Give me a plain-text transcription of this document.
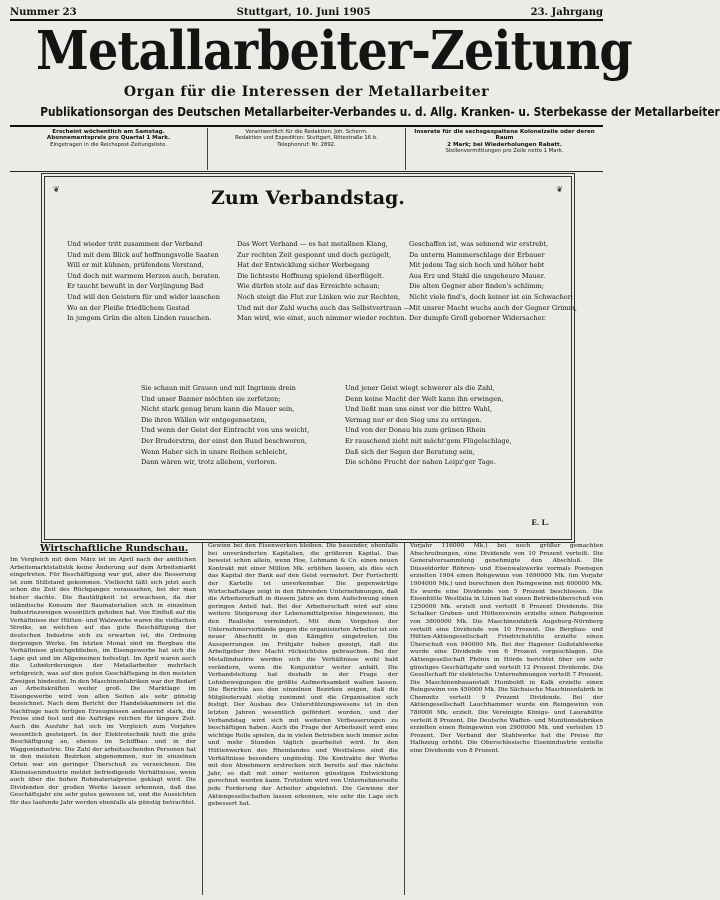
Nummer 23	Stuttgart, 10. Juni 1905	23. Jahrgang
Metallarbeiter-Zeitung
Organ für die Interessen der Metallarbeiter
Publikationsorgan des Deutschen Metallarbeiter-Verbandes u. d. Allg. Kranken- u. Sterbekasse der Metallarbeiter
Erscheint wöchentlich am Samstag.
Abonnementspreis pro Quartal 1 Mark.
Eingetragen in die Reichspost-Zeitungsliste.
Verantwortlich für die Redaktion: Joh. Scherm.
Redaktion und Expedition: Stuttgart, Rötestraße 16 b.
Telephonruf: Nr. 2892.
Inserate für die sechsgespaltene Kolonelzeile oder deren Raum
2 Mark; bei Wiederholungen Rabatt.
Stellenvermittlungen pro Zeile netto 1 Mark.
❦	❦
Zum Verbandstag.
Und wieder tritt zusammen der Verband
Und mit dem Blick auf hoffnungsvolle Saaten
Will er mit kühnen, prüfendem Verstand,
Und doch mit warmem Herzen auch, beraten.
Er taucht bewußt in der Verjüngung Bad
Und will den Geistern für und wider lauschen
Wo an der Pleiße friedlichem Gestad
In jungem Grün die alten Linden rauschen.
Das Wort Verband — es hat metallnen Klang,
Zur rechten Zeit gesponnt und doch gezügelt,
Hat der Entwicklung sicher Werbegang
Die lichteste Hoffnung spielend überflügelt.
Wie dürfen stolz auf das Erreichte schaun;
Noch steigt die Flut zur Linken wie zur Rechten,
Und mit der Zahl wuchs auch das Selbstvertraun —
Man wird, wie einst, auch nimmer wieder rechten.
Geschaffen ist, was sehnend wir erstrebt,
Da unterm Hammerschlage der Erbauer
Mit jedem Tag sich hoch und höher hebt
Aus Erz und Stahl die ungeheure Mauer.
Die alten Gegner aber finden's schlimm;
Nicht viele find's, doch keiner ist ein Schwacher;
Mit unsrer Macht wuchs auch der Gegner Grimm,
Der dumpfe Groll geborner Widersacher.
Sie schaun mit Grauen und mit Ingrimm drein
Und unser Banner möchten sie zerfetzen;
Nicht stark genug brum kann die Mauer sein,
Die ihren Wällen wir entgegensetzen,
Und wenn der Geist der Eintracht von uns weicht,
Der Bruderstrm, der einst den Bund beschworen,
Wenn Haber sich in unsre Reihen schleicht,
Dann wären wir, trotz allebem, verloren.
Und jener Geist wiegt schwerer als die Zahl,
Denn keine Macht der Welt kann ihn erwingen,
Und ließt man uns einst vor die bittre Wahl,
Vermag nur er den Sieg uns zu erringen.
Und von der Donau bis zum grünen Rhein
Er rauschend zieht mit mächt'gem Flügelschlage,
Daß sich der Segen der Beratung sein,
Die schöne Frucht der nahen Leipz'ger Tage.
E. L.
Wirtschaftliche Rundschau.
Im Vergleich mit dem März ist im April nach der amtlichen Arbeitsmarktstatistik keine Änderung auf dem Arbeitsmarkt eingetreten. Für Beschäftigung war gut, aber die Besserung ist zum Stillstand gekommen. Vielleicht läßt sich jetzt auch schon die Zeit des Rückganges voraussehen, bei der man bisher dachte. Die Bautätigkeit ist erwachsen, da der inländische Konsum der Baumaterialien sich in einzelnen Industriezweigen wesentlich gehoben hat. Von Einfluß auf die Verhältnisse der Hütten- und Walzwerke waren die vielfachen Streiks, an welchen auf das gute Beschäftigung der deutschen Industrie sich zu erwarten ist, die Ordnung derjenigen Werke. Im letzten Monat sind im Bergbau die Verhältnisse gleichgeblieben, im Eisengewerbe hat sich die Lage gut und im Allgemeinen befestigt. Im April waren auch die Lohnforderungen der Metallarbeiter mehrfach erfolgreich, was auf den guten Geschäftsgang in den meisten Zweigen hindeutet. In den Maschinenfabriken war der Bedarf an Arbeitskräften weiter groß. Die Marktlage im Eisengewerbe wird von allen Seiten als sehr günstig bezeichnet. Nach dem Bericht der Handelskammern ist die Nachfrage nach fertigen Erzeugnissen andauernd stark, die Preise sind fest und die Aufträge reichen für längere Zeit. Auch die Ausfuhr hat sich im Vergleich zum Vorjahre wesentlich gesteigert. In der Elektrotechnik hielt die gute Beschäftigung an, ebenso im Schiffbau und in der Waggonindustrie. Die Zahl der arbeitsuchenden Personen hat in den meisten Bezirken abgenommen, nur in einzelnen Orten war ein geringer Überschuß zu verzeichnen. Die Kleineisenindustrie meldet befriedigende Verhältnisse, wenn auch über die hohen Rohmaterialpreise geklagt wird. Die Dividenden der großen Werke lassen erkennen, daß das Geschäftsjahr ein sehr gutes gewesen ist, und die Aussichten für das laufende Jahr werden ebenfalls als günstig betrachtet.
Gewinn bei den Eisenwerken bleiben. Die bauender, ebenfalls bei unveränderten Kapitalien, die größeren Kapital. Das beweist schon allein, wenn Hoe, Lohmann & Co. einen neuen Kontrakt mit einer Million Mk. erhöhen lassen, als dies sich das Kapital der Bank auf den Geist vermehrt. Der Fortschritt der Kartelle ist unverkennbar. Die gegenwärtige Wirtschaftslage zeigt in den führenden Unternehmungen, daß die Arbeiterschaft in diesem Jahre an dem Aufschwung einen geringen Anteil hat. Bei der Arbeiterschaft wird auf eine weitere Steigerung der Lebensmittelpreise hingewiesen, die den Reallohn vermindert. Mit dem Vorgehen der Unternehmerverbände gegen die organisierten Arbeiter ist ein neuer Abschnitt in den Kämpfen eingetreten. Die Aussperrungen im Frühjahr haben gezeigt, daß die Arbeitgeber ihre Macht rücksichtslos gebrauchen. Bei der Metallindustrie werden sich die Verhältnisse wohl bald verändern, wenn die Konjunktur weiter anhält. Die Verbandsleitung hat deshalb in der Frage der Lohnbewegungen die größte Aufmerksamkeit walten lassen. Die Berichte aus den einzelnen Bezirken zeigen, daß die Mitgliederzahl stetig zunimmt und die Organisation sich festigt. Der Ausbau des Unterstützungswesens ist in den letzten Jahren wesentlich gefördert worden, und der Verbandstag wird sich mit weiteren Verbesserungen zu beschäftigen haben. Auch die Frage der Arbeitszeit wird eine wichtige Rolle spielen, da in vielen Betrieben noch immer zehn und mehr Stunden täglich gearbeitet wird. In den Hüttenwerken des Rheinlandes und Westfalens sind die Verhältnisse besonders ungünstig. Die Kontrakte der Werke mit den Abnehmern erstrecken sich bereits auf das nächste Jahr, so daß mit einer weiteren günstigen Entwicklung gerechnet werden kann. Trotzdem wird von Unternehmerseite jede Forderung der Arbeiter abgelehnt. Die Gewinne der Aktiengesellschaften lassen erkennen, wie sehr die Lage sich gebessert hat.
Vorjahr 116000 Mk.) bei noch größer gemachten Abschreibungen, eine Dividende von 10 Prozent verteilt. Die Generalversammlung genehmigte den Abschluß. Die Düsseldorfer Röhren- und Eisenwalzwerke vormals Poensgen erzielten 1904 einen Rohgewinn von 1690000 Mk. (im Vorjahr 1904000 Mk.) und berechnen den Reingewinn mit 600000 Mk. Es wurde eine Dividende von 5 Prozent beschlossen. Die Eisenhütte Westfalia in Lünen hat einen Betriebsüberschuß von 1250000 Mk. erzielt und verteilt 8 Prozent Dividende. Die Schalker Gruben- und Hüttenverein erzielte einen Rohgewinn von 3800000 Mk. Die Maschinenfabrik Augsburg-Nürnberg verteilt eine Dividende von 10 Prozent. Die Bergbau- und Hütten-Aktiengesellschaft Friedrichshütte erzielte einen Überschuß von 940000 Mk. Bei der Hagener Gußstahlwerke wurde eine Dividende von 6 Prozent vorgeschlagen. Die Aktiengesellschaft Phönix in Hörde berichtet über ein sehr günstiges Geschäftsjahr und verteilt 12 Prozent Dividende. Die Gesellschaft für elektrische Unternehmungen verteilt 7 Prozent. Die Maschinenbauanstalt Humboldt in Kalk erzielte einen Reingewinn von 450000 Mk. Die Sächsische Maschinenfabrik in Chemnitz verteilt 9 Prozent Dividende. Bei der Aktiengesellschaft Lauchhammer wurde ein Reingewinn von 780000 Mk. erzielt. Die Vereinigte Königs- und Laurahütte verteilt 8 Prozent. Die Deutsche Waffen- und Munitionsfabriken erzielten einen Reingewinn von 2900000 Mk. und verteilen 15 Prozent. Der Verband der Stahlwerke hat die Preise für Halbzeug erhöht. Die Oberschlesische Eisenindustrie erzielte eine Dividende von 8 Prozent.
